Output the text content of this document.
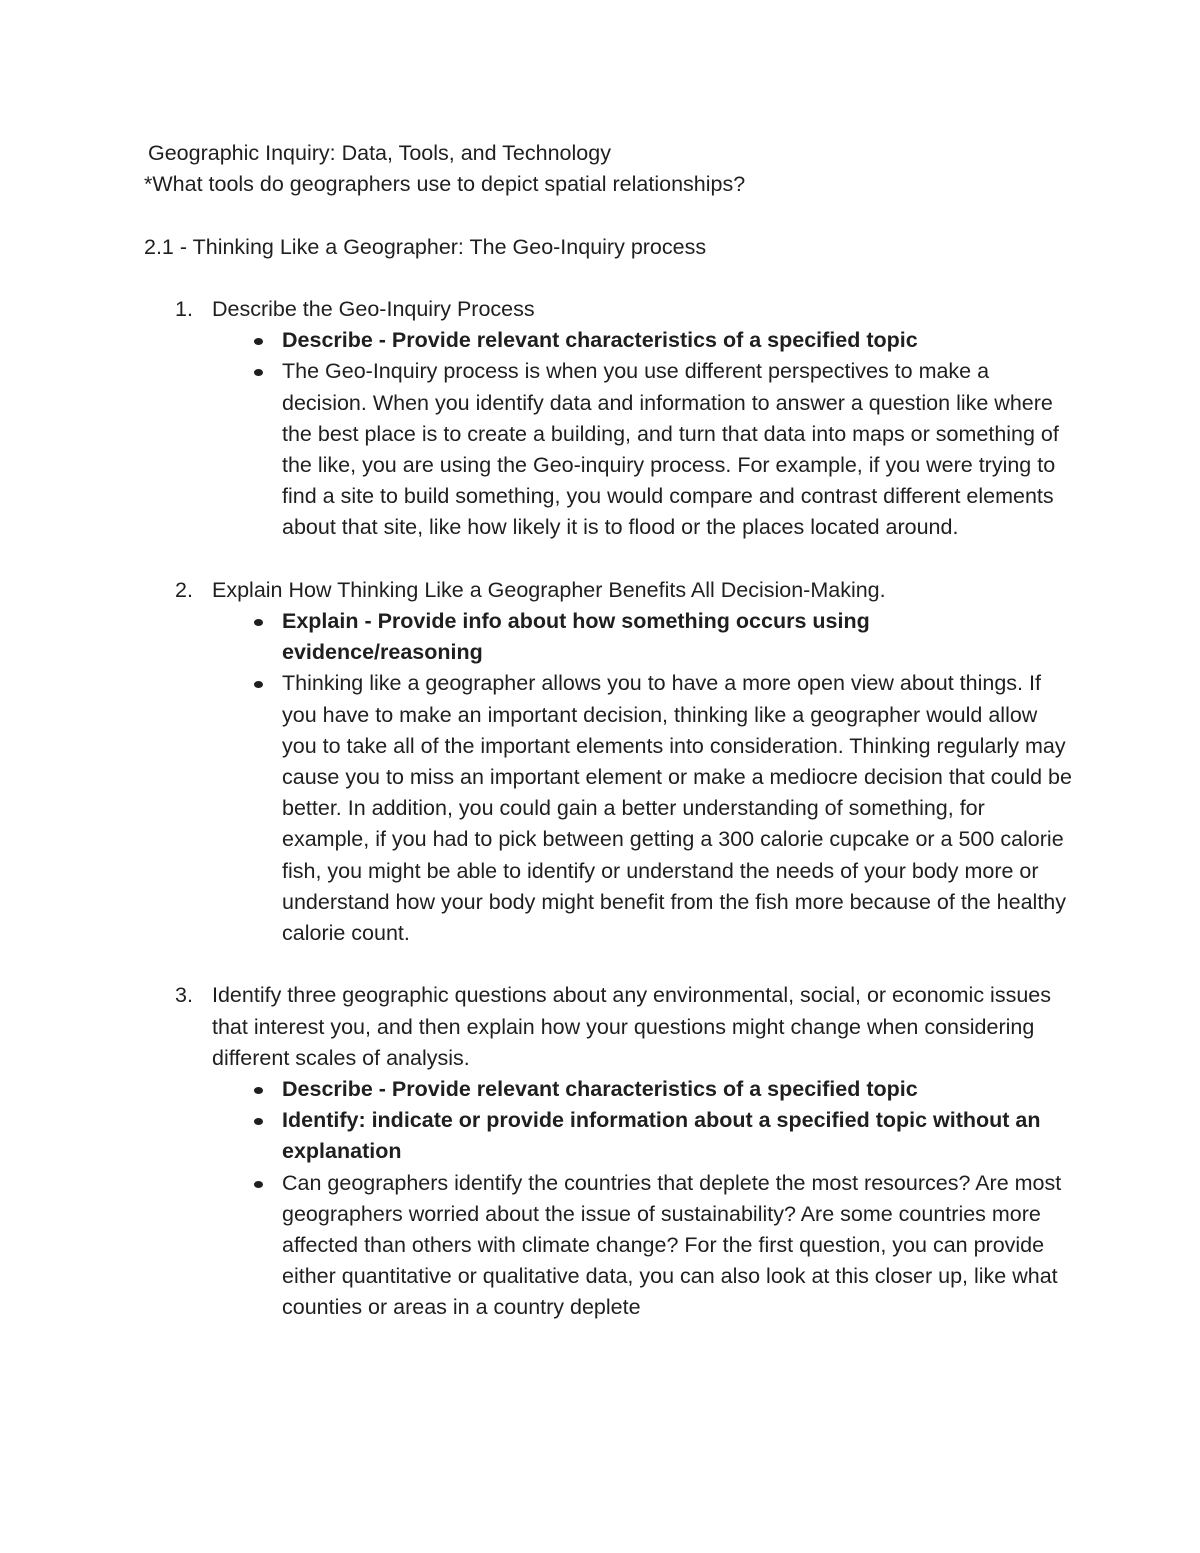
Geographic Inquiry: Data, Tools, and Technology

*What tools do geographers use to depict spatial relationships?

2.1 - Thinking Like a Geographer: The Geo-Inquiry process

1. Describe the Geo-Inquiry Process
Describe - Provide relevant characteristics of a specified topic
The Geo-Inquiry process is when you use different perspectives to make a decision. When you identify data and information to answer a question like where the best place is to create a building, and turn that data into maps or something of the like, you are using the Geo-inquiry process. For example, if you were trying to find a site to build something, you would compare and contrast different elements about that site, like how likely it is to flood or the places located around.
2. Explain How Thinking Like a Geographer Benefits All Decision-Making.
Explain - Provide info about how something occurs using evidence/reasoning
Thinking like a geographer allows you to have a more open view about things. If you have to make an important decision, thinking like a geographer would allow you to take all of the important elements into consideration. Thinking regularly may cause you to miss an important element or make a mediocre decision that could be better. In addition, you could gain a better understanding of something, for example, if you had to pick between getting a 300 calorie cupcake or a 500 calorie fish, you might be able to identify or understand the needs of your body more or understand how your body might benefit from the fish more because of the healthy calorie count.
3. Identify three geographic questions about any environmental, social, or economic issues that interest you, and then explain how your questions might change when considering different scales of analysis.
Describe - Provide relevant characteristics of a specified topic
Identify: indicate or provide information about a specified topic without an explanation
Can geographers identify the countries that deplete the most resources? Are most geographers worried about the issue of sustainability? Are some countries more affected than others with climate change? For the first question, you can provide either quantitative or qualitative data, you can also look at this closer up, like what counties or areas in a country deplete
